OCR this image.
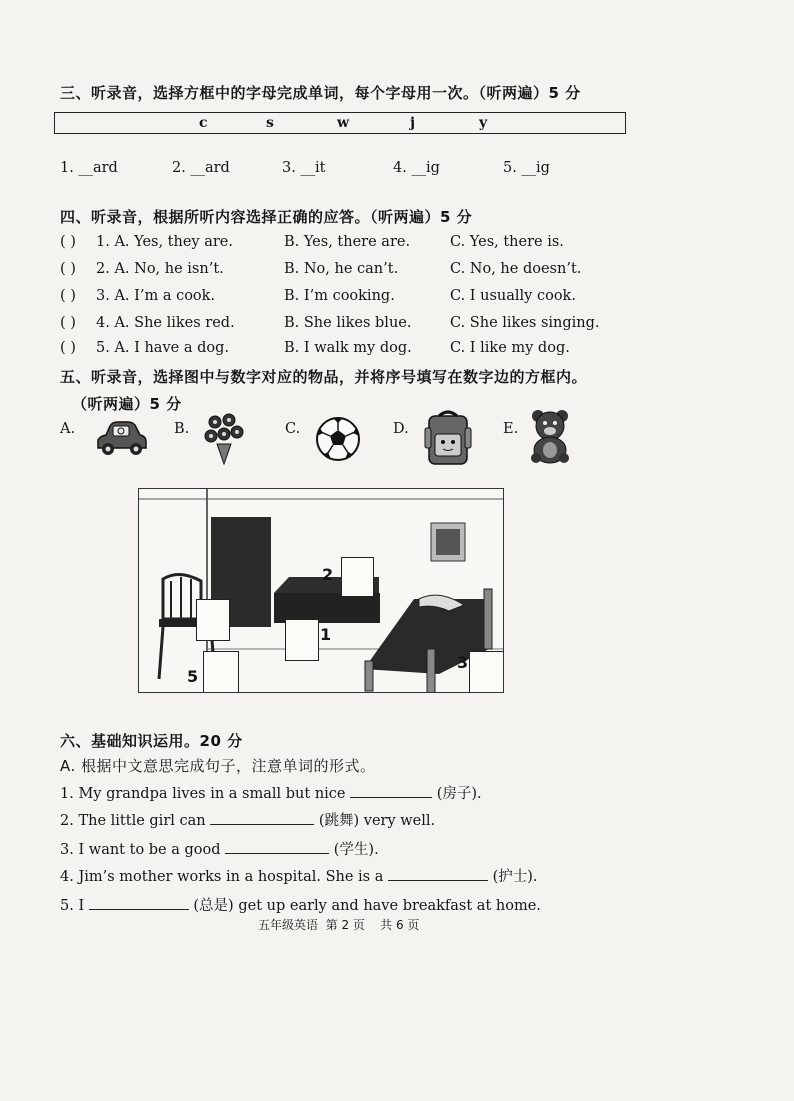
三、听录音，选择方框中的字母完成单词，每个字母用一次。（听两遍）5 分
c	s	w	j	y
1. __ard	2. __ard	3. __it	4. __ig	5. __ig
四、听录音，根据所听内容选择正确的应答。（听两遍）5 分
( ) 1. A. Yes, they are.	B. Yes, there are.	C. Yes, there is.
( ) 2. A. No, he isn’t.	B. No, he can’t.	C. No, he doesn’t.
( ) 3. A. I’m a cook.	B. I’m cooking.	C. I usually cook.
( ) 4. A. She likes red.	B. She likes blue.	C. She likes singing.
( ) 5. A. I have a dog.	B. I walk my dog.	C. I like my dog.
五、听录音，选择图中与数字对应的物品，并将序号填写在数字边的方框内。
（听两遍）5 分
A.	B.	C.	D.	E.
2
1
3
5
六、基础知识运用。20 分
A. 根据中文意思完成句子，注意单词的形式。
1. My grandpa lives in a small but nice	(房子).
2. The little girl can	(跳舞) very well.
3. I want to be a good	(学生).
4. Jim’s mother works in a hospital. She is a	(护士).
5. I	(总是) get up early and have breakfast at home.
五年级英语  第 2 页    共 6 页
